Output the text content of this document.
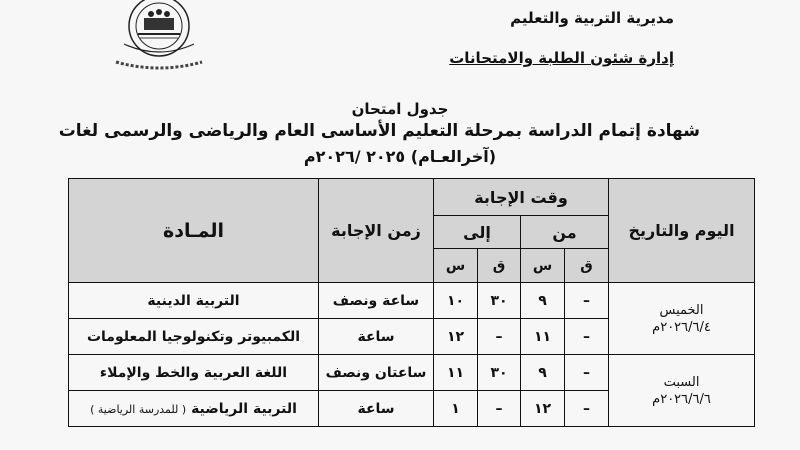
مديرية التربية والتعليم
إدارة شئون الطلبة والامتحانات
جدول امتحان
شهادة إتمام الدراسة بمرحلة التعليم الأساسى العام والرياضى والرسمى لغات
(آخرالعـام) ٢٠٢٥ /٢٠٢٦م
المـادة	زمن الإجابة	وقت الإجابة				اليوم والتاريخ
		إلى		من		
		س	ق	س	ق	
التربية الدينية	ساعة ونصف	١٠	٣٠	٩	–	الخميس
٢٠٢٦/٦/٤م

الكمبيوتر وتكنولوجيا المعلومات	ساعة	١٢	–	١١	–	
اللغة العربية والخط والإملاء	ساعتان ونصف	١١	٣٠	٩	–	السبت
٢٠٢٦/٦/٦م

التربية الرياضية ( للمدرسة الرياضية )	ساعة	١	–	١٢	–	
